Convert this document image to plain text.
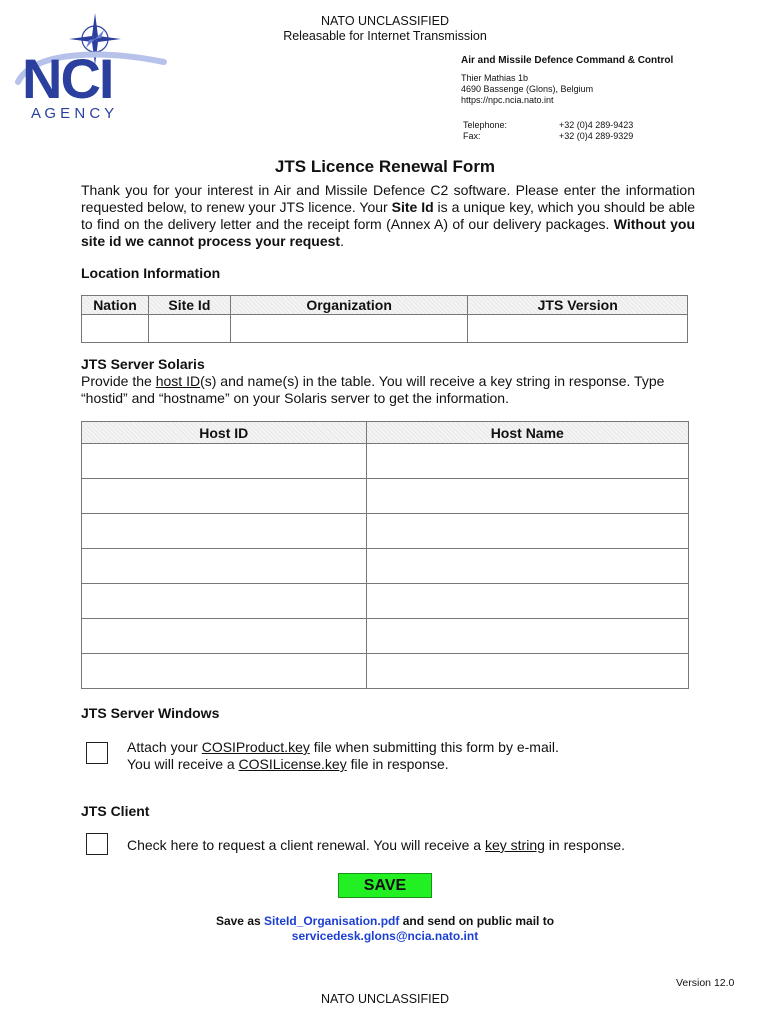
NATO UNCLASSIFIED
Releasable for Internet Transmission
NCI
A G E N C Y
Air and Missile Defence Command & Control
Thier Mathias 1b
4690 Bassenge (Glons), Belgium
https://npc.ncia.nato.int
Telephone:	+32 (0)4 289-9423
Fax:	+32 (0)4 289-9329
JTS Licence Renewal Form
Thank you for your interest in Air and Missile Defence C2 software. Please enter the information requested below, to renew your JTS licence. Your Site Id is a unique key, which you should be able to find on the delivery letter and the receipt form (Annex A) of our delivery packages. Without you site id we cannot process your request.
Location Information
Nation	Site Id	Organization	JTS Version

JTS Server Solaris
Provide the host ID(s) and name(s) in the table. You will receive a key string in response. Type “hostid” and “hostname” on your Solaris server to get the information.
Host ID	Host Name

JTS Server Windows
Attach your COSIProduct.key file when submitting this form by e-mail.
You will receive a COSILicense.key file in response.
JTS Client
Check here to request a client renewal. You will receive a key string in response.
SAVE
Save as SiteId_Organisation.pdf and send on public mail to
servicedesk.glons@ncia.nato.int
Version 12.0
NATO UNCLASSIFIED
